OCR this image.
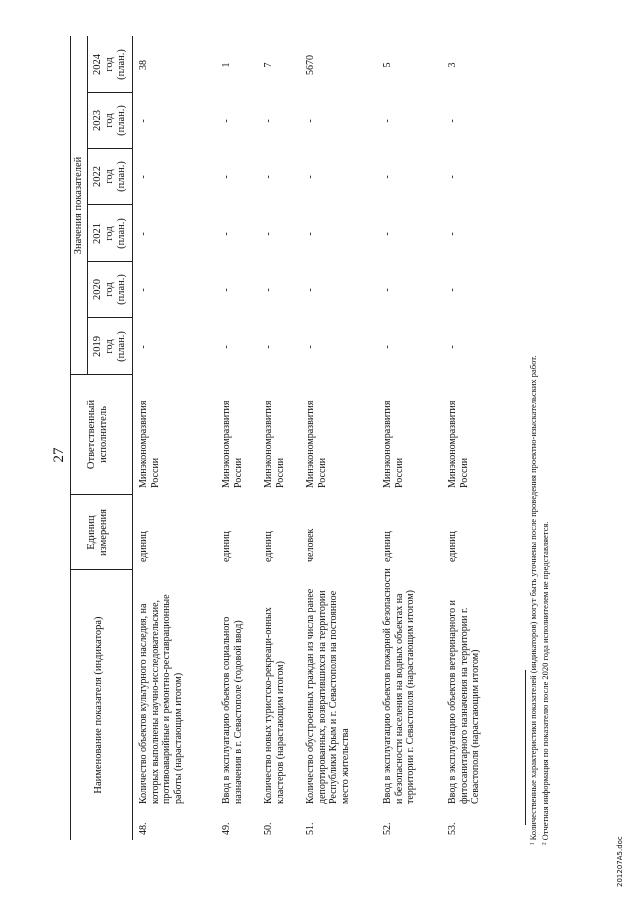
27
Наименование показателя (индикатора)
Единиц измерения
Ответственный исполнитель
Значения показателей
2019 год (план.)
2020 год (план.)
2021 год (план.)
2022 год (план.)
2023 год (план.)
2024 год (план.)
48.
Количество объектов культурного наследия, на которых выполнены научно-исследовательские, противоаварийные и ремонтно-реставрационные работы (нарастающим итогом)
единиц
Минэкономразвития России
-
-
-
-
-
38
49.
Ввод в эксплуатацию объектов социального назначения в г. Севастополе (годовой ввод)
единиц
Минэкономразвития России
-
-
-
-
-
1
50.
Количество новых туристско-рекреаци-онных кластеров (нарастающим итогом)
единиц
Минэкономразвития России
-
-
-
-
-
7
51.
Количество обустроенных граждан из числа ранее депортированных, возвратившихся на территории Республики Крым и г. Севастополя на постоянное место жительства
человек
Минэкономразвития России
-
-
-
-
-
5670
52.
Ввод в эксплуатацию объектов пожарной безопасности и безопасности населения на водных объектах на территории г. Севастополя (нарастающим итогом)
единиц
Минэкономразвития России
-
-
-
-
-
5
53.
Ввод в эксплуатацию объектов ветеринарного и фитосанитарного назначения на территории г. Севастополя (нарастающим итогом)
единиц
Минэкономразвития России
-
-
-
-
-
3
¹ Количественные характеристики показателей (индикаторов) могут быть уточнены после проведения проектно-изыскательских работ. ² Отчетная информация по показателю после 2020 года исполнителем не представляется.
201207A5.doc
